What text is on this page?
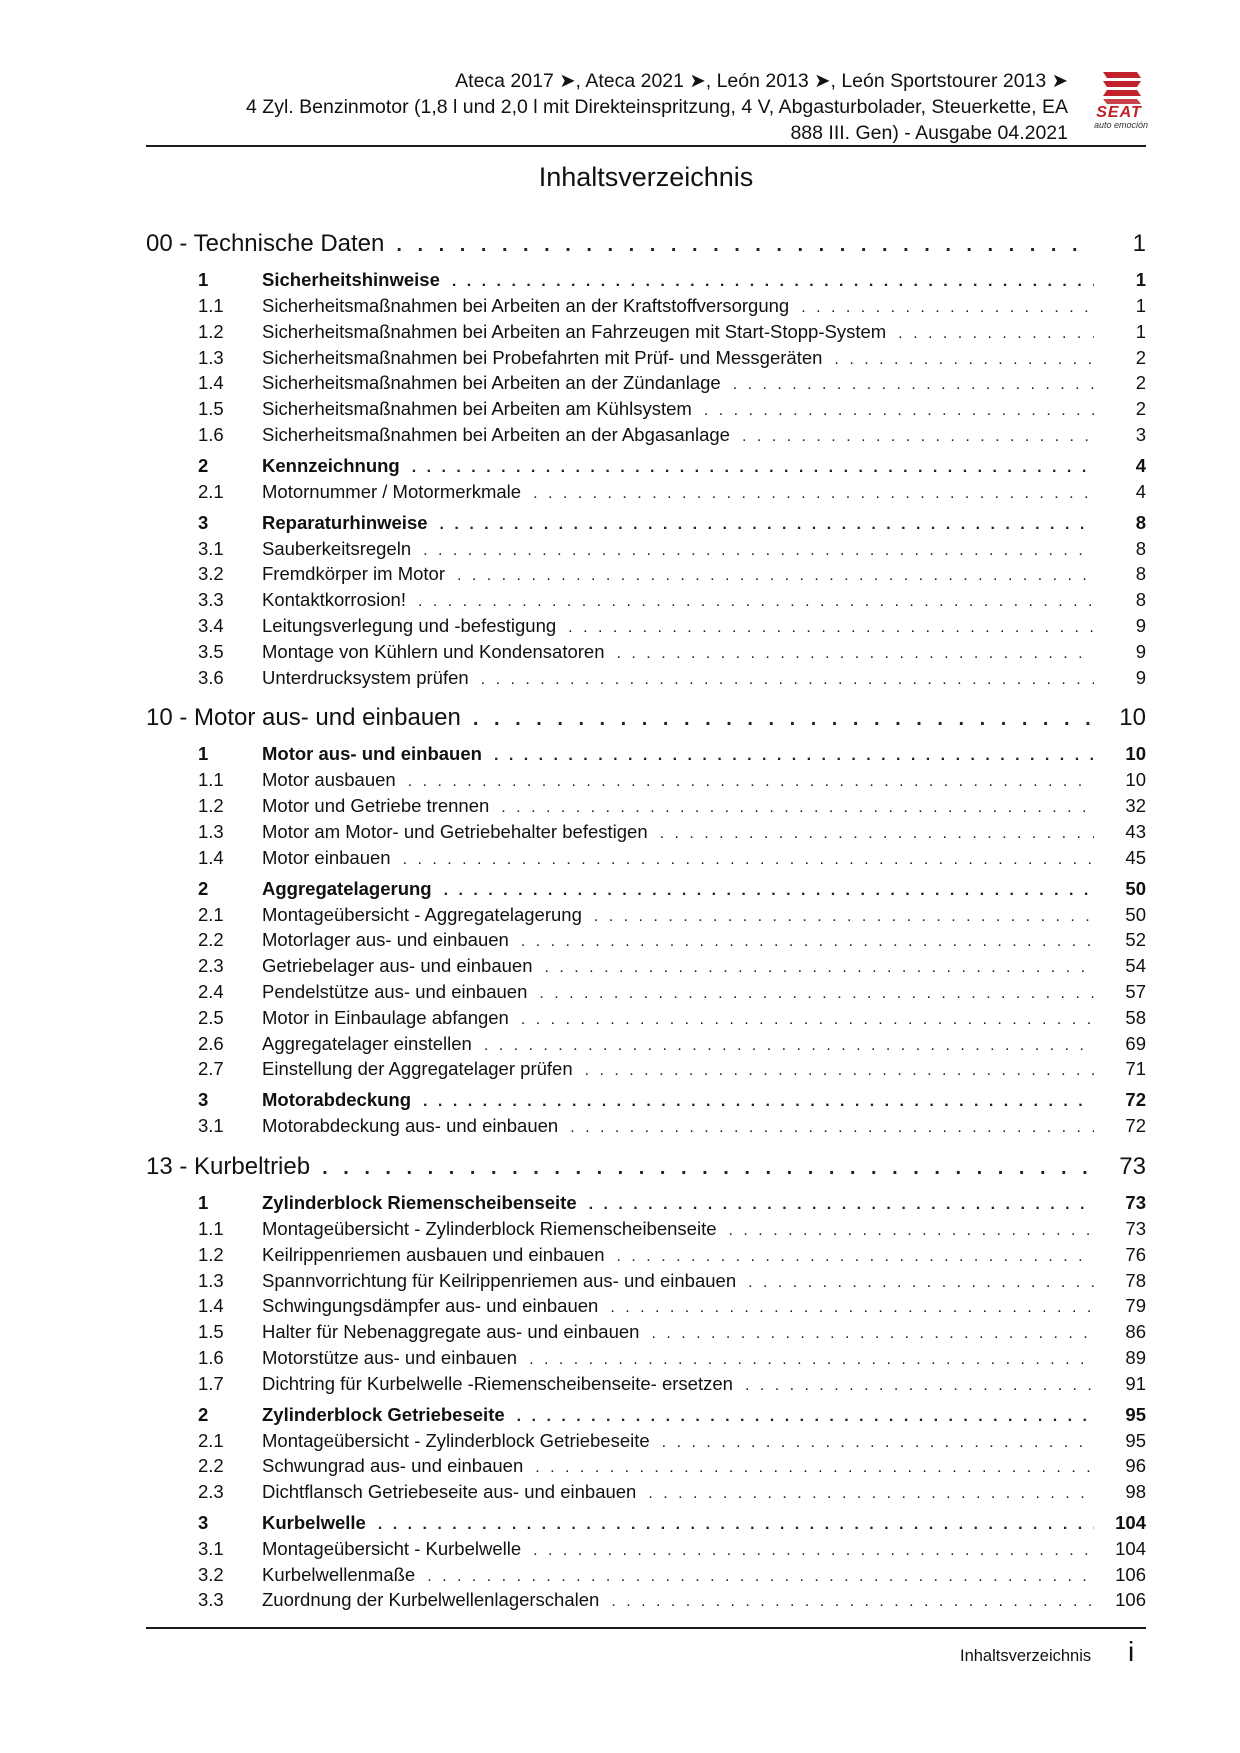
Ateca 2017 ➤, Ateca 2021 ➤, León 2013 ➤, León Sportstourer 2013 ➤
4 Zyl. Benzinmotor (1,8 l und 2,0 l mit Direkteinspritzung, 4 V, Abgasturbolader, Steuerkette, EA
888 III. Gen) - Ausgabe 04.2021
SEAT
auto emoción
Inhaltsverzeichnis
00 - Technische Daten . . .	1
1	Sicherheitshinweise . . .	1
1.1	Sicherheitsmaßnahmen bei Arbeiten an der Kraftstoffversorgung . . .	1
1.2	Sicherheitsmaßnahmen bei Arbeiten an Fahrzeugen mit Start-Stopp-System . . .	1
1.3	Sicherheitsmaßnahmen bei Probefahrten mit Prüf- und Messgeräten . . .	2
1.4	Sicherheitsmaßnahmen bei Arbeiten an der Zündanlage . . .	2
1.5	Sicherheitsmaßnahmen bei Arbeiten am Kühlsystem . . .	2
1.6	Sicherheitsmaßnahmen bei Arbeiten an der Abgasanlage . . .	3
2	Kennzeichnung . . .	4
2.1	Motornummer / Motormerkmale . . .	4
3	Reparaturhinweise . . .	8
3.1	Sauberkeitsregeln . . .	8
3.2	Fremdkörper im Motor . . .	8
3.3	Kontaktkorrosion! . . .	8
3.4	Leitungsverlegung und -befestigung . . .	9
3.5	Montage von Kühlern und Kondensatoren . . .	9
3.6	Unterdrucksystem prüfen . . .	9
10 - Motor aus- und einbauen . . .	10
1	Motor aus- und einbauen . . .	10
1.1	Motor ausbauen . . .	10
1.2	Motor und Getriebe trennen . . .	32
1.3	Motor am Motor- und Getriebehalter befestigen . . .	43
1.4	Motor einbauen . . .	45
2	Aggregatelagerung . . .	50
2.1	Montageübersicht - Aggregatelagerung . . .	50
2.2	Motorlager aus- und einbauen . . .	52
2.3	Getriebelager aus- und einbauen . . .	54
2.4	Pendelstütze aus- und einbauen . . .	57
2.5	Motor in Einbaulage abfangen . . .	58
2.6	Aggregatelager einstellen . . .	69
2.7	Einstellung der Aggregatelager prüfen . . .	71
3	Motorabdeckung . . .	72
3.1	Motorabdeckung aus- und einbauen . . .	72
13 - Kurbeltrieb . . .	73
1	Zylinderblock Riemenscheibenseite . . .	73
1.1	Montageübersicht - Zylinderblock Riemenscheibenseite . . .	73
1.2	Keilrippenriemen ausbauen und einbauen . . .	76
1.3	Spannvorrichtung für Keilrippenriemen aus- und einbauen . . .	78
1.4	Schwingungsdämpfer aus- und einbauen . . .	79
1.5	Halter für Nebenaggregate aus- und einbauen . . .	86
1.6	Motorstütze aus- und einbauen . . .	89
1.7	Dichtring für Kurbelwelle -Riemenscheibenseite- ersetzen . . .	91
2	Zylinderblock Getriebeseite . . .	95
2.1	Montageübersicht - Zylinderblock Getriebeseite . . .	95
2.2	Schwungrad aus- und einbauen . . .	96
2.3	Dichtflansch Getriebeseite aus- und einbauen . . .	98
3	Kurbelwelle . . .	104
3.1	Montageübersicht - Kurbelwelle . . .	104
3.2	Kurbelwellenmaße . . .	106
3.3	Zuordnung der Kurbelwellenlagerschalen . . .	106
Inhaltsverzeichnis i
